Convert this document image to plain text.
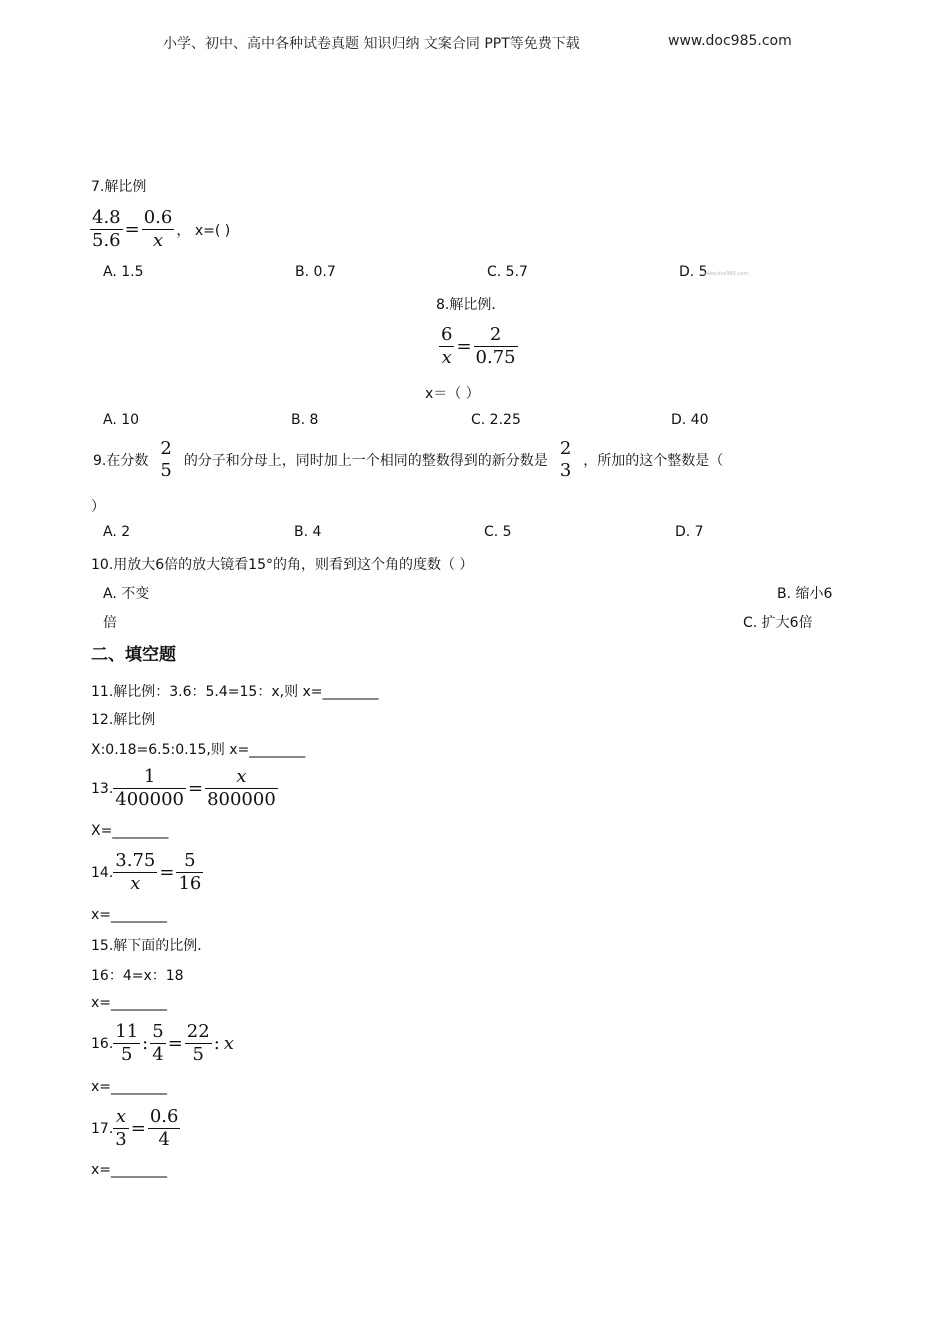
小学、初中、高中各种试卷真题 知识归纳 文案合同 PPT等免费下载	www.doc985.com
7.解比例
$\frac{4.8}{5.6} = \frac{0.6}{x}$ ， x=( )
A. 1.5	B. 0.7	C. 5.7	D. 5
www.doc985.com
8.解比例．
$\frac{6}{x} = \frac{2}{0.75}$
x＝（ ）
A. 10	B. 8	C. 2.25	D. 40
9.在分数
2
5 的分子和分母上，同时加上一个相同的整数得到的新分数是
2
3 ，所加的这个整数是（
）
A. 2	B. 4	C. 5	D. 7
10.用放大6倍的放大镜看15°的角，则看到这个角的度数（ ）
A. 不变	B. 缩小6
倍	C. 扩大6倍
二、填空题
11.解比例：3.6：5.4=15：x,则 x=________
12.解比例
X:0.18=6.5:0.15,则 x=________
13. $\frac{1}{400000} = \frac{x}{800000}$
X=________
14. $\frac{3.75}{x} = \frac{5}{16}$
x=________
15.解下面的比例．
16：4=x：18
x=________
16. $\frac{11}{5}$ : $\frac{5}{4} = \frac{22}{5}$ : x
x=________
17. $\frac{x}{3} = \frac{0.6}{4}$
x=________
